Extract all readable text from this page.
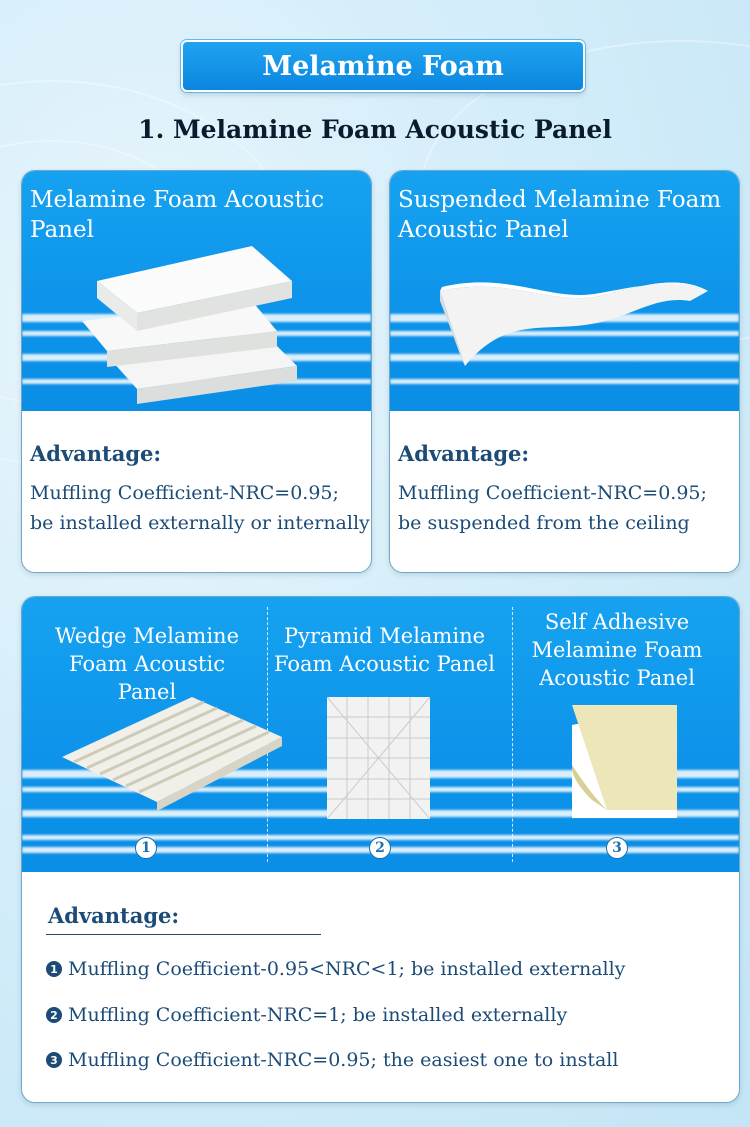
Melamine Foam
1. Melamine Foam Acoustic Panel
Melamine Foam Acoustic Panel
Advantage:
Muffling Coefficient-NRC=0.95;
be installed externally or internally
Suspended Melamine Foam Acoustic Panel
Advantage:
Muffling Coefficient-NRC=0.95;
be suspended from the ceiling
Wedge Melamine Foam Acoustic Panel
Pyramid Melamine Foam Acoustic Panel
Self Adhesive Melamine Foam Acoustic Panel
1	2	3
Advantage:
1 Muffling Coefficient-0.95<NRC<1; be installed externally
2 Muffling Coefficient-NRC=1; be installed externally
3 Muffling Coefficient-NRC=0.95; the easiest one to install
